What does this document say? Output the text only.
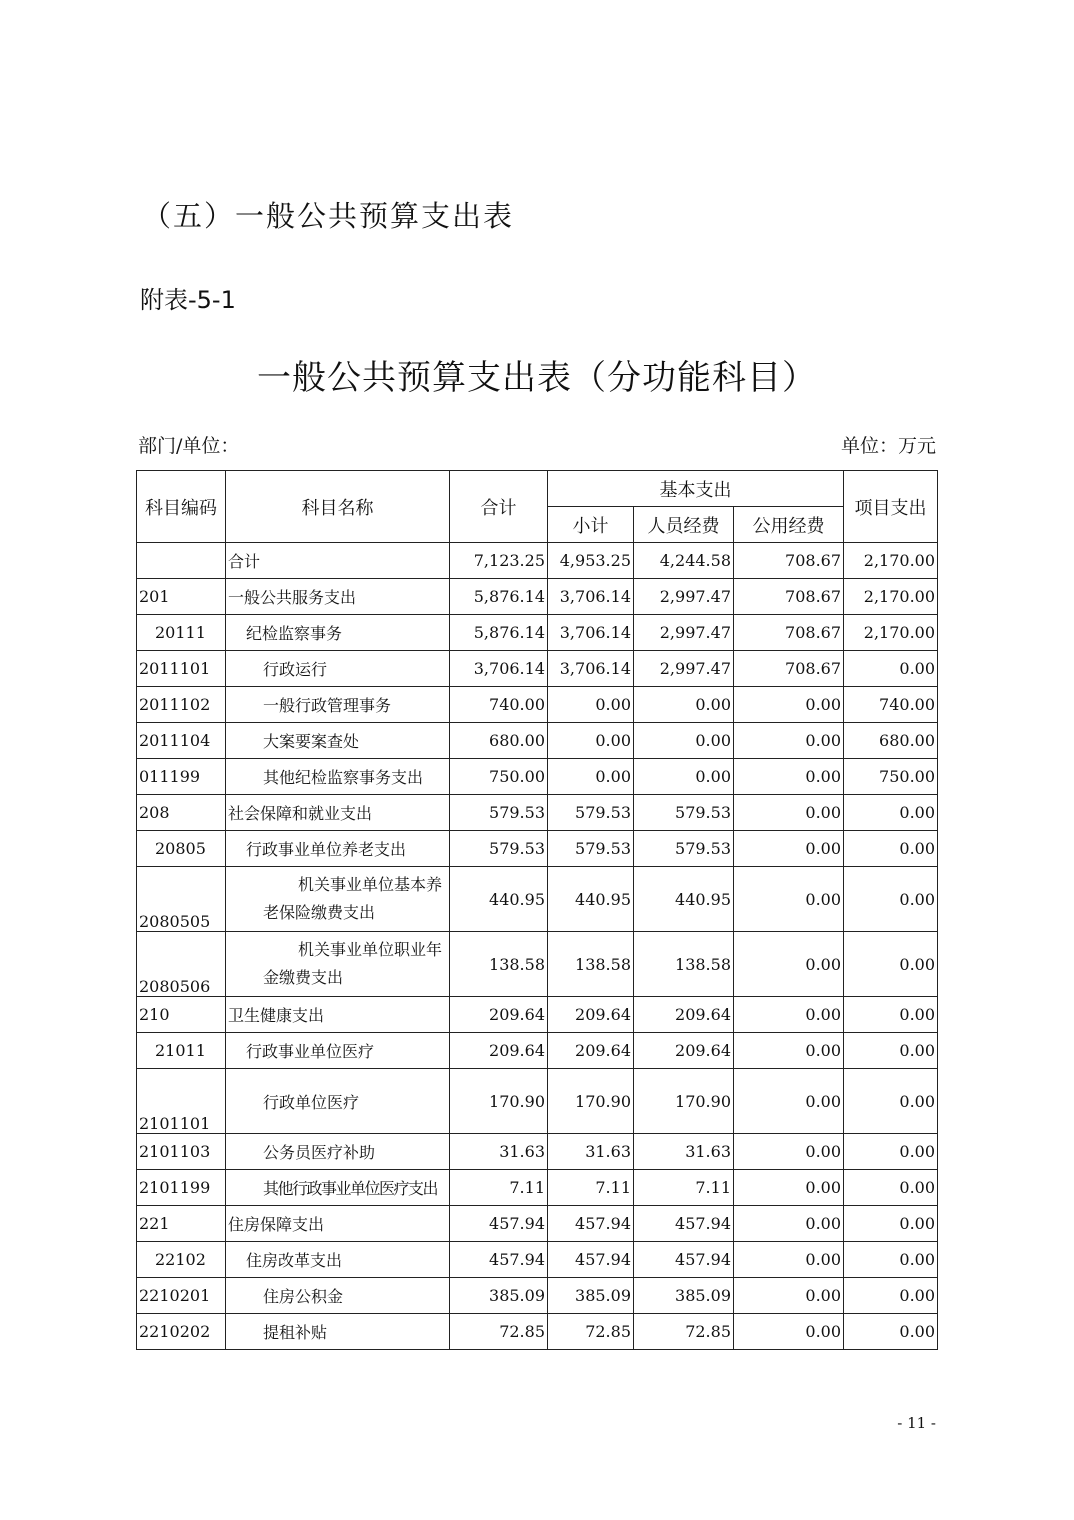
（五）一般公共预算支出表
附表-5-1
一般公共预算支出表（分功能科目）
部门/单位：	单位：万元
科目编码	科目名称	合计	基本支出			项目支出
			小计	人员经费	公用经费	
	合计	7,123.25	4,953.25	4,244.58	708.67	2,170.00
201	一般公共服务支出	5,876.14	3,706.14	2,997.47	708.67	2,170.00
20111	纪检监察事务	5,876.14	3,706.14	2,997.47	708.67	2,170.00
2011101	行政运行	3,706.14	3,706.14	2,997.47	708.67	0.00
2011102	一般行政管理事务	740.00	0.00	0.00	0.00	740.00
2011104	大案要案查处	680.00	0.00	0.00	0.00	680.00
011199	其他纪检监察事务支出	750.00	0.00	0.00	0.00	750.00
208	社会保障和就业支出	579.53	579.53	579.53	0.00	0.00
20805	行政事业单位养老支出	579.53	579.53	579.53	0.00	0.00
2080505	机关事业单位基本养老保险缴费支出	440.95	440.95	440.95	0.00	0.00
2080506	机关事业单位职业年金缴费支出	138.58	138.58	138.58	0.00	0.00
210	卫生健康支出	209.64	209.64	209.64	0.00	0.00
21011	行政事业单位医疗	209.64	209.64	209.64	0.00	0.00
2101101	行政单位医疗	170.90	170.90	170.90	0.00	0.00
2101103	公务员医疗补助	31.63	31.63	31.63	0.00	0.00
2101199	其他行政事业单位医疗支出	7.11	7.11	7.11	0.00	0.00
221	住房保障支出	457.94	457.94	457.94	0.00	0.00
22102	住房改革支出	457.94	457.94	457.94	0.00	0.00
2210201	住房公积金	385.09	385.09	385.09	0.00	0.00
2210202	提租补贴	72.85	72.85	72.85	0.00	0.00
- 11 -
